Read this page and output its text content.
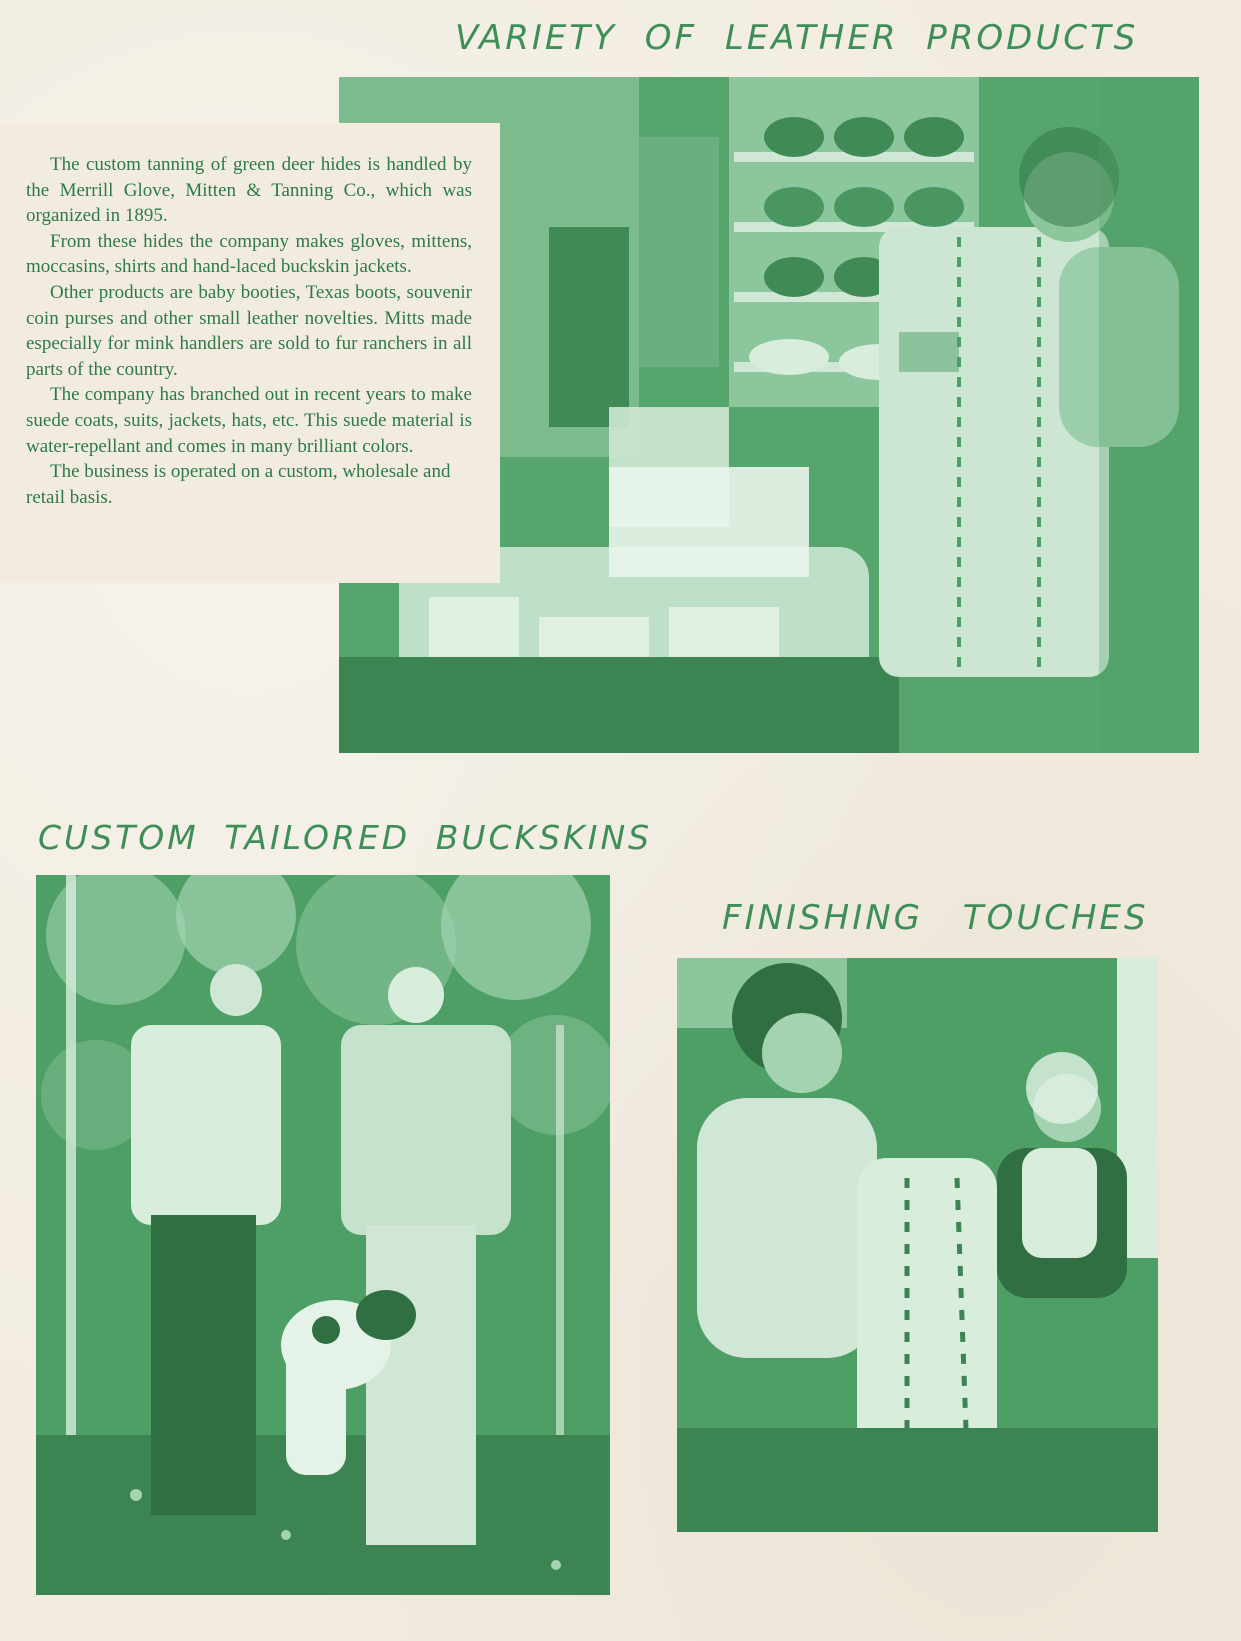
VARIETY OF LEATHER PRODUCTS

The custom tanning of green deer hides is handled by the Merrill Glove, Mitten & Tanning Co., which was organized in 1895.

From these hides the company makes gloves, mittens, moccasins, shirts and hand-laced buckskin jackets.

Other products are baby booties, Texas boots, souvenir coin purses and other small leather novelties. Mitts made especially for mink handlers are sold to fur ranchers in all parts of the country.

The company has branched out in recent years to make suede coats, suits, jackets, hats, etc. This suede material is water-repellant and comes in many brilliant colors.

The business is operated on a custom, wholesale and retail basis.

CUSTOM TAILORED BUCKSKINS
FINISHING TOUCHES
